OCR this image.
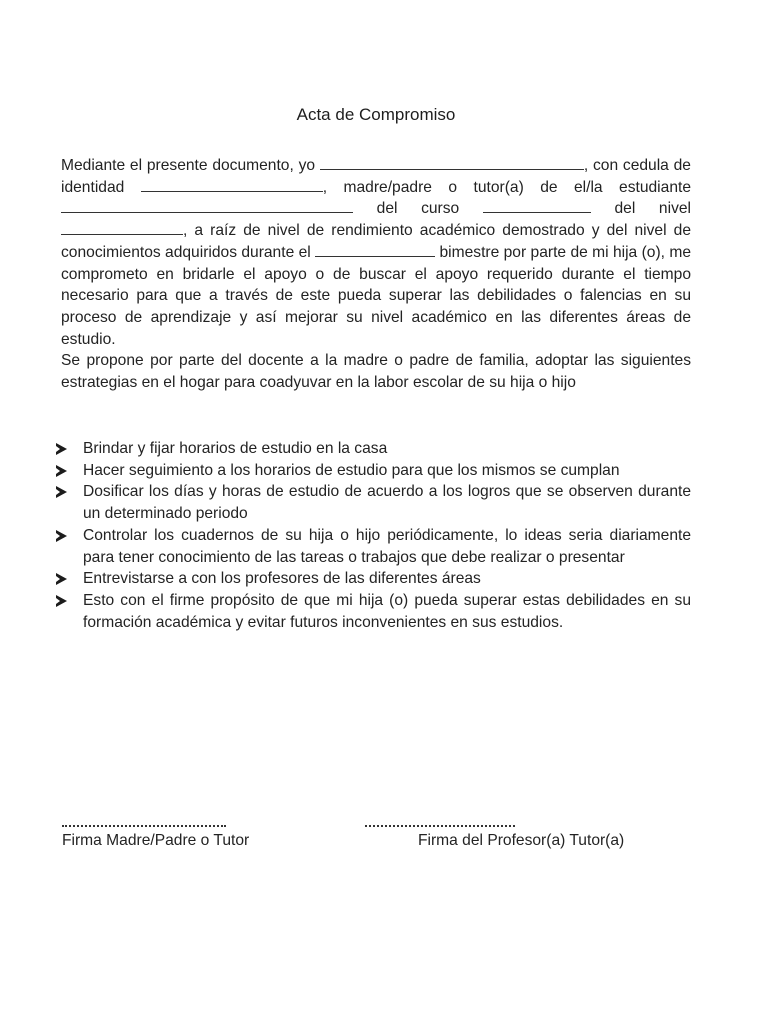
Acta de Compromiso

Mediante el presente documento, yo	, con cedula de identidad	, madre/padre o tutor(a) de el/la estudiante  del curso	del nivel , a raíz de nivel de rendimiento académico demostrado y del nivel de conocimientos adquiridos durante el	bimestre por parte de mi hija (o), me comprometo en bridarle el apoyo o de buscar el apoyo requerido durante el tiempo necesario para que a través de este pueda superar las debilidades o falencias en su proceso de aprendizaje y así mejorar su nivel académico en las diferentes áreas de estudio.

Se propone por parte del docente a la madre o padre de familia, adoptar las siguientes estrategias en el hogar para coadyuvar en la labor escolar de su hija o hijo

Brindar y fijar horarios de estudio en la casa
Hacer seguimiento a los horarios de estudio para que los mismos se cumplan
Dosificar los días y horas de estudio de acuerdo a los logros que se observen durante un determinado periodo
Controlar los cuadernos de su hija o hijo periódicamente, lo ideas seria diariamente para tener conocimiento de las tareas o trabajos que debe realizar o presentar
Entrevistarse a con los profesores de las diferentes áreas
Esto con el firme propósito de que mi hija (o) pueda superar estas debilidades en su formación académica y evitar futuros inconvenientes en sus estudios.
Firma Madre/Padre o Tutor	Firma del Profesor(a) Tutor(a)
